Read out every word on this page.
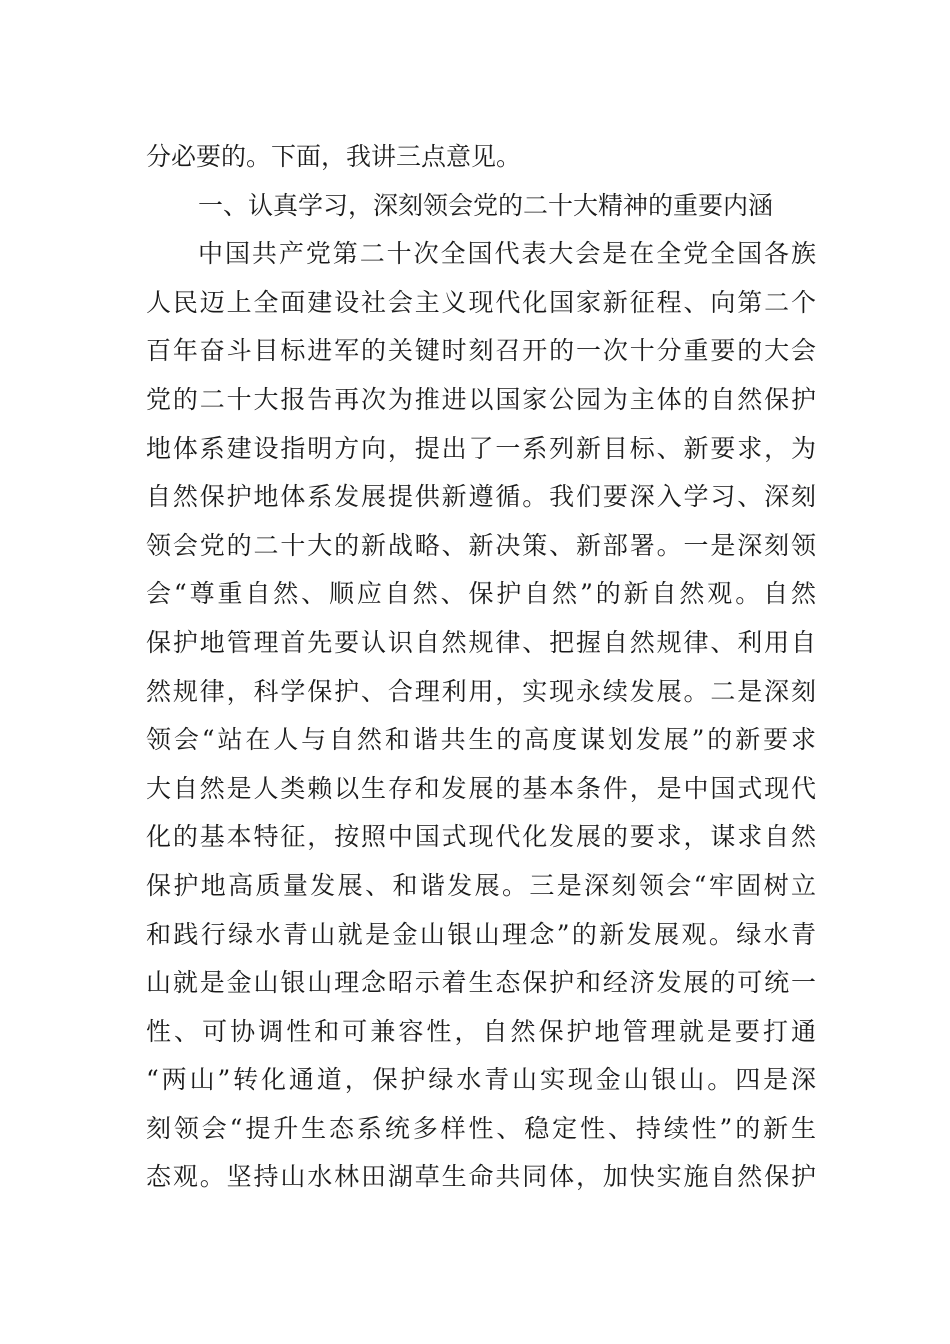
分必要的。下面，我讲三点意见。
一、认真学习，深刻领会党的二十大精神的重要内涵
中国共产党第二十次全国代表大会是在全党全国各族
人民迈上全面建设社会主义现代化国家新征程、向第二个
百年奋斗目标进军的关键时刻召开的一次十分重要的大会
党的二十大报告再次为推进以国家公园为主体的自然保护
地体系建设指明方向，提出了一系列新目标、新要求，为
自然保护地体系发展提供新遵循。我们要深入学习、深刻
领会党的二十大的新战略、新决策、新部署。一是深刻领
会“尊重自然、顺应自然、保护自然”的新自然观。自然
保护地管理首先要认识自然规律、把握自然规律、利用自
然规律，科学保护、合理利用，实现永续发展。二是深刻
领会“站在人与自然和谐共生的高度谋划发展”的新要求
大自然是人类赖以生存和发展的基本条件，是中国式现代
化的基本特征，按照中国式现代化发展的要求，谋求自然
保护地高质量发展、和谐发展。三是深刻领会“牢固树立
和践行绿水青山就是金山银山理念”的新发展观。绿水青
山就是金山银山理念昭示着生态保护和经济发展的可统一
性、可协调性和可兼容性，自然保护地管理就是要打通
“两山”转化通道，保护绿水青山实现金山银山。四是深
刻领会“提升生态系统多样性、稳定性、持续性”的新生
态观。坚持山水林田湖草生命共同体，加快实施自然保护
